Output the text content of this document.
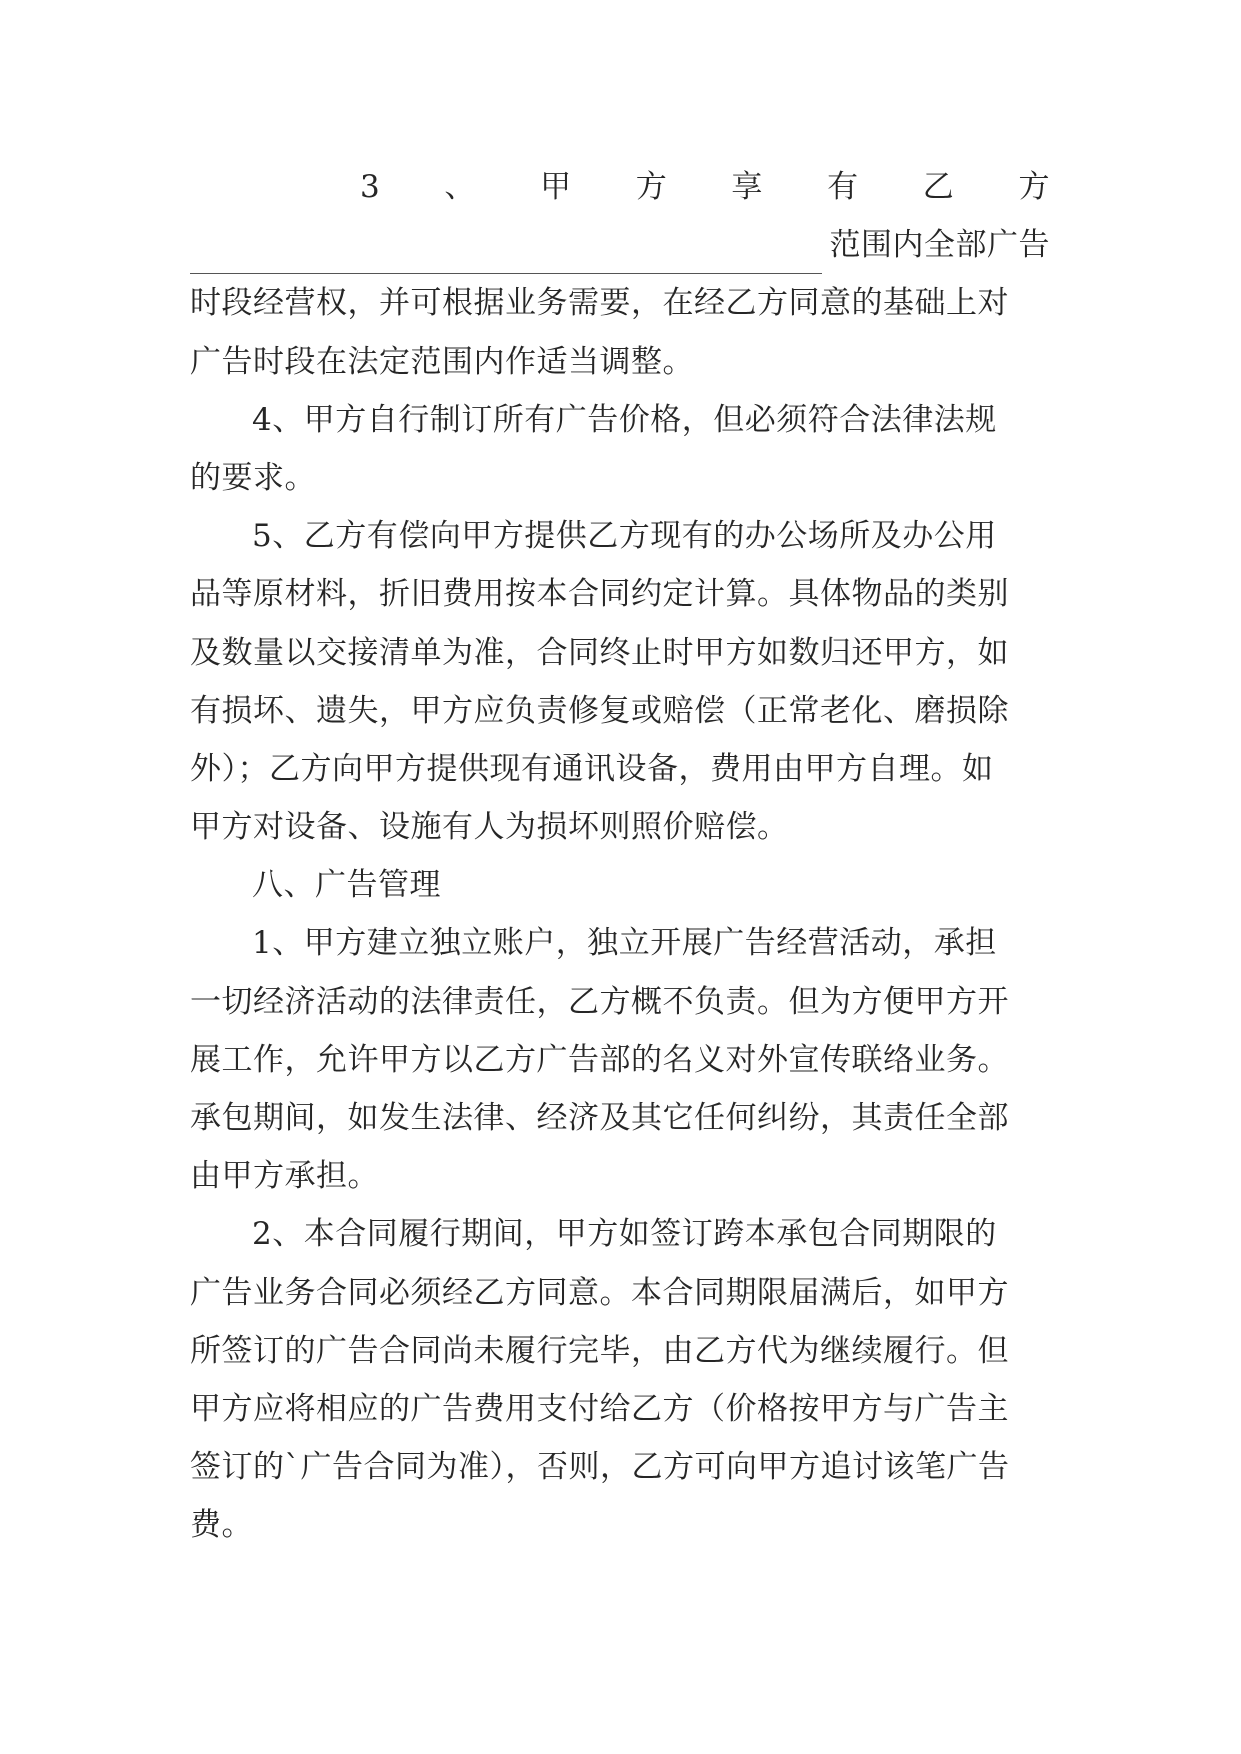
3 、 甲 方 享 有 乙 方
范围内全部广告
时段经营权，并可根据业务需要，在经乙方同意的基础上对
广告时段在法定范围内作适当调整。
4、甲方自行制订所有广告价格，但必须符合法律法规
的要求。
5、乙方有偿向甲方提供乙方现有的办公场所及办公用
品等原材料，折旧费用按本合同约定计算。具体物品的类别
及数量以交接清单为准，合同终止时甲方如数归还甲方，如
有损坏、遗失，甲方应负责修复或赔偿（正常老化、磨损除
外）；乙方向甲方提供现有通讯设备，费用由甲方自理。如
甲方对设备、设施有人为损坏则照价赔偿。
八、广告管理
1、甲方建立独立账户，独立开展广告经营活动，承担
一切经济活动的法律责任，乙方概不负责。但为方便甲方开
展工作，允许甲方以乙方广告部的名义对外宣传联络业务。
承包期间，如发生法律、经济及其它任何纠纷，其责任全部
由甲方承担。
2、本合同履行期间，甲方如签订跨本承包合同期限的
广告业务合同必须经乙方同意。本合同期限届满后，如甲方
所签订的广告合同尚未履行完毕，由乙方代为继续履行。但
甲方应将相应的广告费用支付给乙方（价格按甲方与广告主
签订的`广告合同为准），否则，乙方可向甲方追讨该笔广告
费。
